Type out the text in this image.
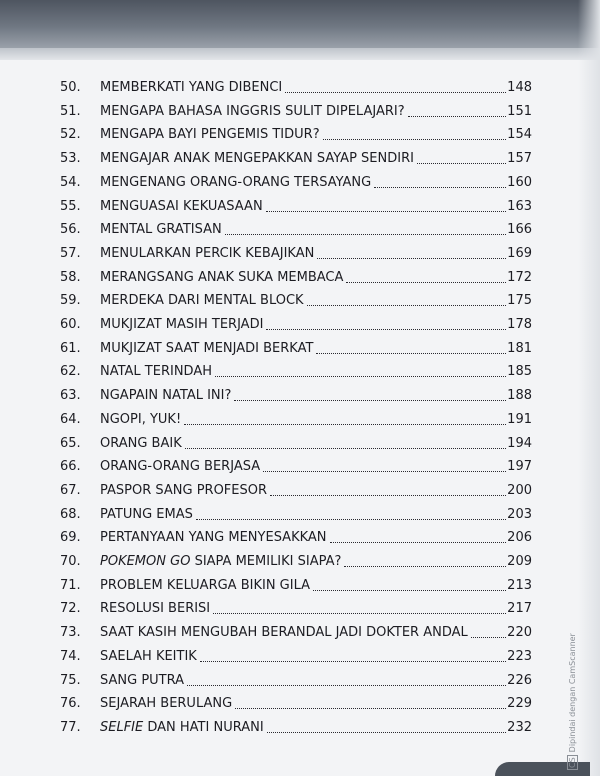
50.	MEMBERKATI YANG DIBENCI	148
51.	MENGAPA BAHASA INGGRIS SULIT DIPELAJARI?	151
52.	MENGAPA BAYI PENGEMIS TIDUR?	154
53.	MENGAJAR ANAK MENGEPAKKAN SAYAP SENDIRI	157
54.	MENGENANG ORANG-ORANG TERSAYANG	160
55.	MENGUASAI KEKUASAAN	163
56.	MENTAL GRATISAN	166
57.	MENULARKAN PERCIK KEBAJIKAN	169
58.	MERANGSANG ANAK SUKA MEMBACA	172
59.	MERDEKA DARI MENTAL BLOCK	175
60.	MUKJIZAT MASIH TERJADI	178
61.	MUKJIZAT SAAT MENJADI BERKAT	181
62.	NATAL TERINDAH	185
63.	NGAPAIN NATAL INI?	188
64.	NGOPI, YUK!	191
65.	ORANG BAIK	194
66.	ORANG-ORANG BERJASA	197
67.	PASPOR SANG PROFESOR	200
68.	PATUNG EMAS	203
69.	PERTANYAAN YANG MENYESAKKAN	206
70.	POKEMON GO SIAPA MEMILIKI SIAPA?	209
71.	PROBLEM KELUARGA BIKIN GILA	213
72.	RESOLUSI BERISI	217
73.	SAAT KASIH MENGUBAH BERANDAL JADI DOKTER ANDAL	220
74.	SAELAH KEITIK	223
75.	SANG PUTRA	226
76.	SEJARAH BERULANG	229
77.	SELFIE DAN HATI NURANI	232
CSDipindai dengan CamScanner
